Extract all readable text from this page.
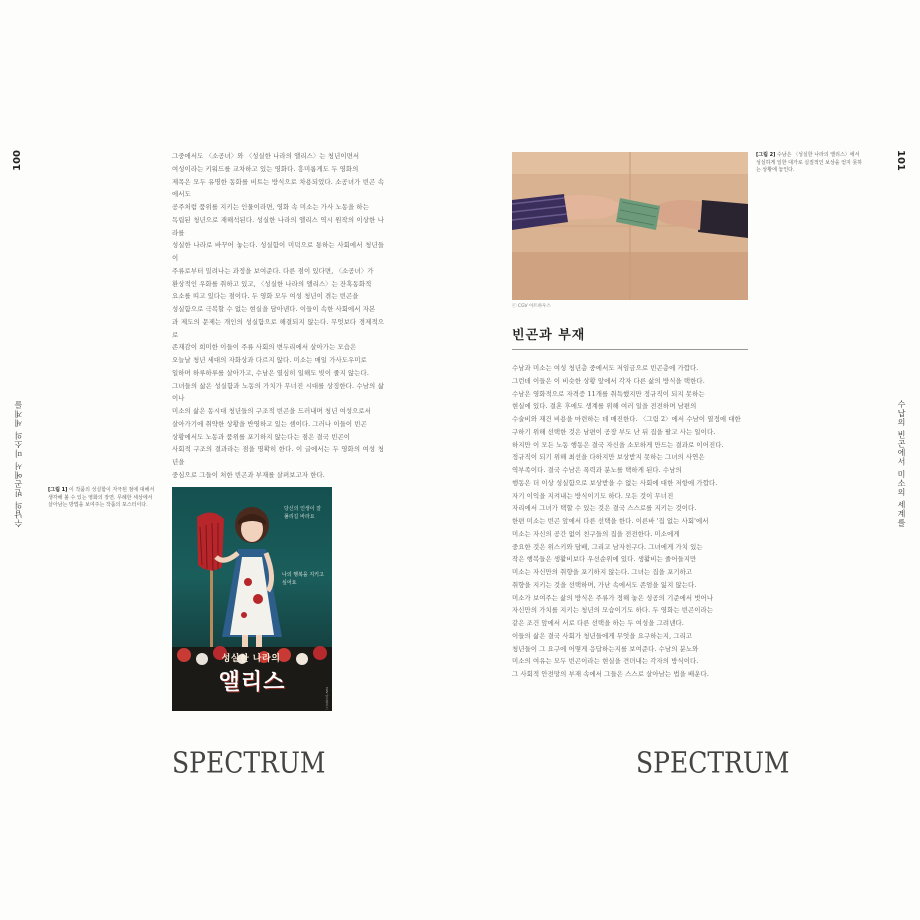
100
수납의 빈곤에서 미소의 세계를

그중에서도 〈소공녀〉와 〈성실한 나라의 앨리스〉는 청년이면서

여성이라는 키워드를 교차하고 있는 영화다. 흥미롭게도 두 영화의

제목은 모두 유명한 동화를 비트는 방식으로 차용되었다. 소공녀가 빈곤 속에서도

공주처럼 품위를 지키는 인물이라면, 영화 속 미소는 가사 노동을 하는

독립된 청년으로 재해석된다. 성실한 나라의 앨리스 역시 원작의 이상한 나라를

성실한 나라로 바꾸어 놓는다. 성실함이 미덕으로 통하는 사회에서 청년들이

주류로부터 밀려나는 과정을 보여준다. 다른 점이 있다면, 〈소공녀〉가

환상적인 우화를 취하고 있고, 〈성실한 나라의 앨리스〉는 잔혹동화적

요소를 띠고 있다는 점이다. 두 영화 모두 여성 청년이 겪는 빈곤을

성실함으로 극복할 수 없는 현실을 담아낸다. 이들이 속한 사회에서 자본

과 제도의 문제는 개인의 성실함으로 해결되지 않는다. 무엇보다 경제적으로

존재감이 희미한 이들이 주류 사회의 변두리에서 살아가는 모습은

오늘날 청년 세대의 자화상과 다르지 않다. 미소는 매일 가사도우미로

일하며 하루하루를 살아가고, 수남은 열심히 일해도 빚이 줄지 않는다.

그녀들의 삶은 성실함과 노동의 가치가 무너진 시대를 상징한다. 수남의 삶이나

미소의 삶은 동시대 청년들의 구조적 빈곤을 드러내며 청년 여성으로서

살아가기에 취약한 상황을 반영하고 있는 셈이다. 그러나 이들이 빈곤

상황에서도 노동과 품위를 포기하지 않는다는 점은 결국 빈곤이

사회적 구조의 결과라는 점을 명확히 한다. 이 글에서는 두 영화의 여성 청년을

중심으로 그들이 처한 빈곤과 부재를 살펴보고자 한다.

[그림 1] 이 작품의 성실함이 자극된 점에 대해서 생각해 볼 수 있는 영화의 장면. 무례한 세상에서 살아남는 방법을 보여주는 작품의 포스터이다.
당신의 인생이 잘 풀리길 바라요
나의 행복을 지키고 싶어요
성실한 나라의
앨리스
CGV 아트하우스
SPECTRUM
101
수납의 빈곤에서 미소의 세계를
[그림 2] 수남은 〈성실한 나라의 앨리스〉에서 성실하게 일한 대가로 실질적인 보상을 얻지 못하는 상황에 놓인다.
ⓒ CGV 아트하우스
빈곤과 부재

수남과 미소는 여성 청년층 중에서도 저임금으로 빈곤층에 가깝다.

그런데 이들은 이 비슷한 상황 앞에서 각자 다른 삶의 방식을 택한다.

수남은 영화적으로 자격증 11개를 취득했지만 정규직이 되지 못하는

현실에 있다. 결혼 후에도 생계를 위해 여러 일을 전전하며 남편의

수술비와 재건 비용을 마련하는 데 매진한다. 〈그림 2〉에서 수남이 열정에 대한

구하기 위해 선택한 것은 남편이 공장 부도 난 뒤 집을 팔고 사는 일이다.

하지만 이 모든 노동 행동은 결국 자신을 소모하게 만드는 결과로 이어진다.

정규직이 되기 위해 최선을 다하지만 보상받지 못하는 그녀의 사연은

역부족이다. 결국 수남은 폭력과 분노를 택하게 된다. 수남의

행동은 더 이상 성실함으로 보상받을 수 없는 사회에 대한 저항에 가깝다.

자기 이익을 지켜내는 방식이기도 하다. 모든 것이 무너진

자리에서 그녀가 택할 수 있는 것은 결국 스스로를 지키는 것이다.

한편 미소는 빈곤 앞에서 다른 선택을 한다. 이른바 '집 없는 사회'에서

미소는 자신의 공간 없이 친구들의 집을 전전한다. 미소에게

중요한 것은 위스키와 담배, 그리고 남자친구다. 그녀에게 가치 있는

작은 행복들은 생활비보다 우선순위에 있다. 생활비는 줄어들지만

미소는 자신만의 취향을 포기하지 않는다. 그녀는 집을 포기하고

취향을 지키는 것을 선택하며, 가난 속에서도 존엄을 잃지 않는다.

미소가 보여주는 삶의 방식은 주류가 정해 놓은 성공의 기준에서 벗어나

자신만의 가치를 지키는 청년의 모습이기도 하다. 두 영화는 빈곤이라는

같은 조건 앞에서 서로 다른 선택을 하는 두 여성을 그려낸다.

이들의 삶은 결국 사회가 청년들에게 무엇을 요구하는지, 그리고

청년들이 그 요구에 어떻게 응답하는지를 보여준다. 수남의 분노와

미소의 여유는 모두 빈곤이라는 현실을 견뎌내는 각자의 방식이다.

그 사회적 안전망의 부재 속에서 그들은 스스로 살아남는 법을 배운다.

SPECTRUM
